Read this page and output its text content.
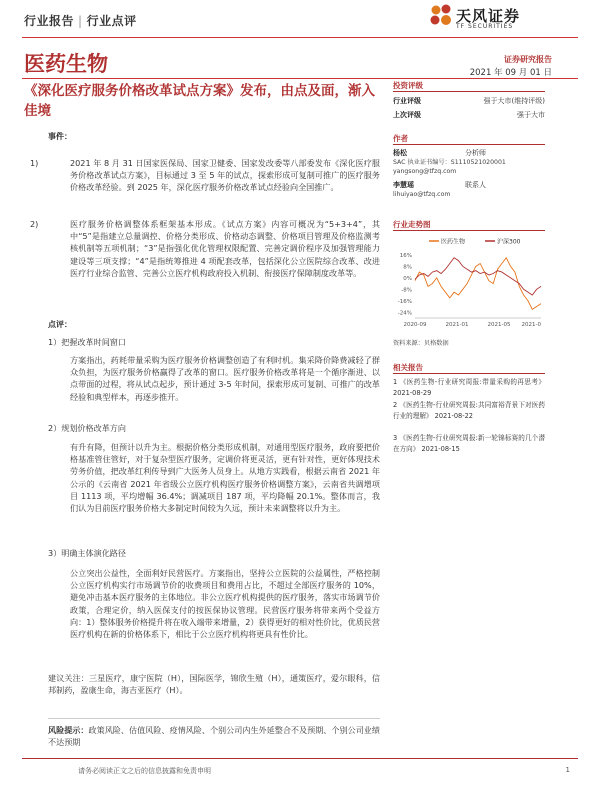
行业报告 | 行业点评	天风证券
TF SECURITIES
医药生物	证券研究报告
2021 年 09 月 01 日
《深化医疗服务价格改革试点方案》发布，由点及面，渐入佳境
事件：
1)	2021 年 8 月 31 日国家医保局、国家卫健委、国家发改委等八部委发布《深化医疗服务价格改革试点方案》，目标通过 3 至 5 年的试点，探索形成可复制可推广的医疗服务价格改革经验。到 2025 年，深化医疗服务价格改革试点经验向全国推广。

2)	医疗服务价格调整体系框架基本形成。《试点方案》内容可概况为“5+3+4”，其中“5”是指建立总量调控、价格分类形成、价格动态调整、价格项目管理及价格监测考核机制等五项机制；“3”是指强化优化管理权限配置、完善定调价程序及加强管理能力建设等三项支撑；“4”是指统筹推进 4 项配套改革，包括深化公立医院综合改革、改进医疗行业综合监管、完善公立医疗机构政府投入机制、衔接医疗保障制度改革等。

点评：
1）把握改革时间窗口

方案指出，药耗带量采购为医疗服务价格调整创造了有利时机。集采降价降费减轻了群众负担，为医疗服务价格赢得了改革的窗口。医疗服务价格改革将是一个循序渐进、以点带面的过程，将从试点起步，预计通过 3-5 年时间，探索形成可复制、可推广的改革经验和典型样本，再逐步推开。

2）规划价格改革方向

有升有降，但预计以升为主。根据价格分类形成机制，对通用型医疗服务，政府要把价格基准管住管好，对于复杂型医疗服务，定调价将更灵活，更有针对性，更好体现技术劳务价值，把改革红利传导到广大医务人员身上。从地方实践看，根据云南省 2021 年公示的《云南省 2021 年省级公立医疗机构医疗服务价格调整方案》，云南省共调增项目 1113 项，平均增幅 36.4%；调减项目 187 项，平均降幅 20.1%。整体而言，我们认为目前医疗服务价格大多制定时间较为久远，预计未来调整将以升为主。

3）明确主体演化路径

公立突出公益性，全面利好民营医疗。方案指出，坚持公立医院的公益属性，严格控制公立医疗机构实行市场调节价的收费项目和费用占比，不超过全部医疗服务的 10%，避免冲击基本医疗服务的主体地位。非公立医疗机构提供的医疗服务，落实市场调节价政策，合理定价，纳入医保支付的按医保协议管理。民营医疗服务将带来两个受益方向：1）整体服务价格提升将在收入端带来增量，2）获得更好的相对性价比，优质民营医疗机构在新的价格体系下，相比于公立医疗机构将更具有性价比。

建议关注：三星医疗，康宁医院（H），国际医学，锦欣生殖（H），通策医疗，爱尔眼科，信邦制药，盈康生命，海吉亚医疗（H）。

风险提示：政策风险、估值风险、疫情风险、个别公司内生外延整合不及预期、个别公司业绩不达预期

投资评级
行业评级	强于大市(维持评级)
上次评级	强于大市
作者
杨松	分析师
SAC 执业证书编号：S1110521020001
yangsong@tfzq.com
李慧瑶	联系人
lihuiyao@tfzq.com
行业走势图
医药生物	沪深300
16%
8%
0%
-8%
-16%
-24%
2020-09	2021-01	2021-05 2021-0
资料来源：贝格数据
相关报告

1 《医药生物-行业研究周报:带量采购的再思考》 2021-08-29

2 《医药生物-行业研究周报:共同富裕背景下对医药行业的理解》 2021-08-22

3 《医药生物-行业研究周报:新一轮锦标赛的几个潜在方向》 2021-08-15

请务必阅读正文之后的信息披露和免责申明	1
